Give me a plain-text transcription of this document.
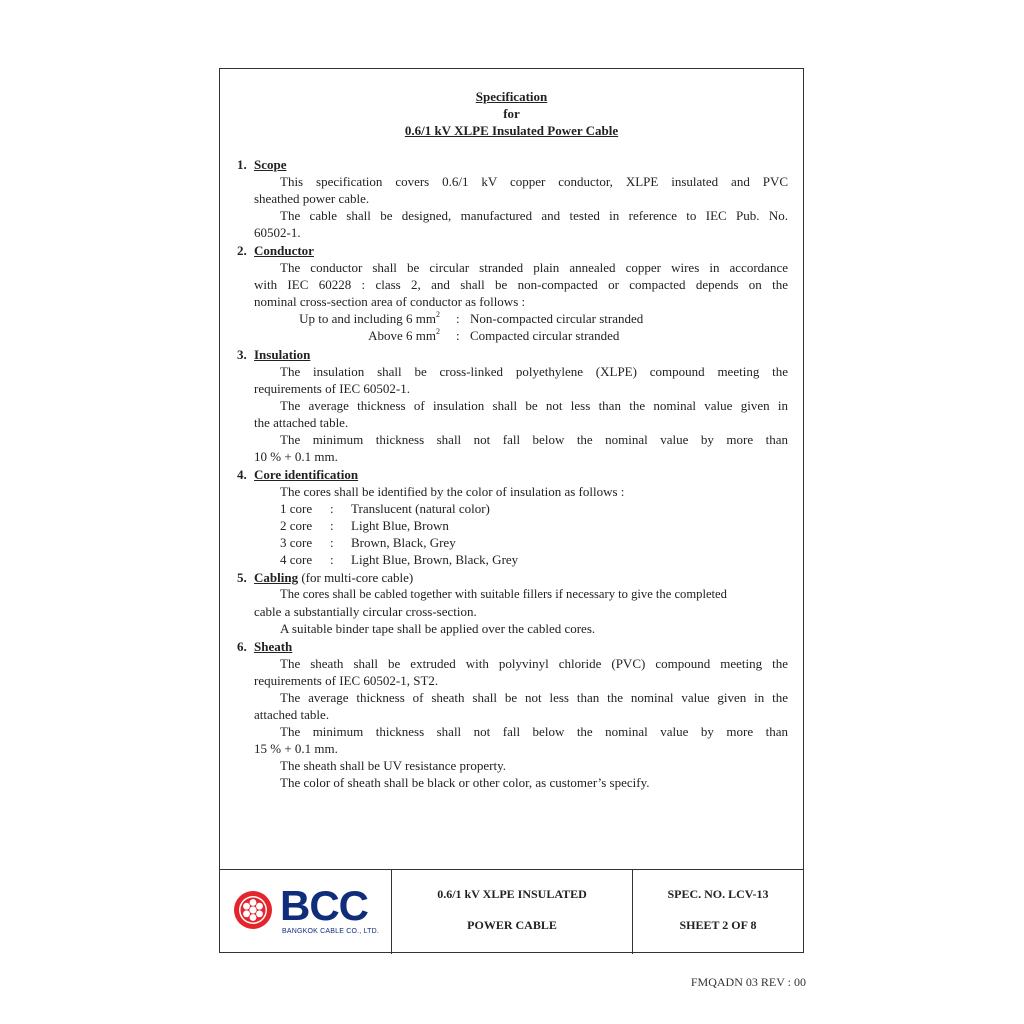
Specification
for
0.6/1 kV XLPE Insulated Power Cable
1. Scope
This specification covers 0.6/1 kV copper conductor, XLPE insulated and PVC
sheathed power cable.
The cable shall be designed, manufactured and tested in reference to IEC Pub. No.
60502-1.
2. Conductor
The conductor shall be circular stranded plain annealed copper wires in accordance
with IEC 60228 : class 2, and shall be non-compacted or compacted depends on the
nominal cross-section area of conductor as follows :
Up to and including 6 $mm^2$ : Non-compacted circular stranded
Above 6 $mm^2$ : Compacted circular stranded
3. Insulation
The insulation shall be cross-linked polyethylene (XLPE) compound meeting the
requirements of IEC 60502-1.
The average thickness of insulation shall be not less than the nominal value given in
the attached table.
The minimum thickness shall not fall below the nominal value by more than
10 % + 0.1 mm.
4. Core identification
The cores shall be identified by the color of insulation as follows :
1 core : Translucent (natural color)
2 core : Light Blue, Brown
3 core : Brown, Black, Grey
4 core : Light Blue, Brown, Black, Grey
5. Cabling (for multi-core cable)
The cores shall be cabled together with suitable fillers if necessary to give the completed
cable a substantially circular cross-section.
A suitable binder tape shall be applied over the cabled cores.
6. Sheath
The sheath shall be extruded with polyvinyl chloride (PVC) compound meeting the
requirements of IEC 60502-1, ST2.
The average thickness of sheath shall be not less than the nominal value given in the
attached table.
The minimum thickness shall not fall below the nominal value by more than
15 % + 0.1 mm.
The sheath shall be UV resistance property.
The color of sheath shall be black or other color, as customer’s specify.
BCC
BANGKOK CABLE CO., LTD.
0.6/1 kV XLPE INSULATED
POWER CABLE
SPEC. NO. LCV-13
SHEET 2 OF 8
FMQADN 03 REV : 00
